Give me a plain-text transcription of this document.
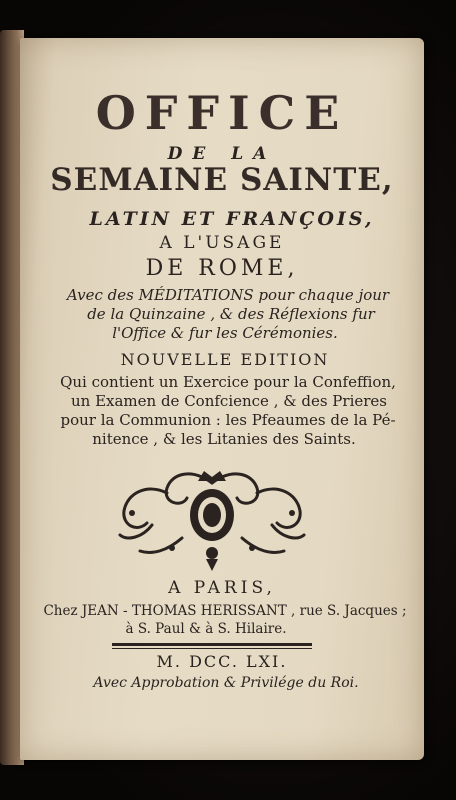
OFFICE
DE LA
SEMAINE SAINTE,
LATIN ET FRANÇOIS,
A L'USAGE
DE ROME,
Avec des MÉDITATIONS pour chaque jour
de la Quinzaine , & des Réflexions fur
l'Office & fur les Cérémonies.
NOUVELLE EDITION
Qui contient un Exercice pour la Confeffion,
un Examen de Confcience , & des Prieres
pour la Communion : les Pfeaumes de la Pé-
nitence , & les Litanies des Saints.
A PARIS,
Chez JEAN - THOMAS HERISSANT , rue S. Jacques ;
à S. Paul & à S. Hilaire.
M. DCC. LXI.
Avec Approbation & Privilége du Roi.
